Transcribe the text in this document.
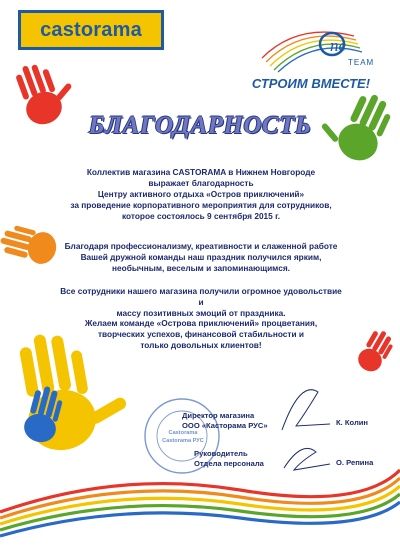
castorama
ne
TEAM
СТРОИМ ВМЕСТЕ!
Castorama
Castorama РУС
БЛАГОДАРНОСТЬ
Коллектив магазина CASTORAMA в Нижнем Новгороде
выражает благодарность
Центру активного отдыха «Остров приключений»
за проведение корпоративного мероприятия для сотрудников,
которое состоялось 9 сентября 2015 г.
Благодаря профессионализму, креативности и слаженной работе
Вашей дружной команды наш праздник получился ярким,
необычным, веселым и запоминающимся.
Все сотрудники нашего магазина получили огромное удовольствие и
массу позитивных эмоций от праздника.
Желаем команде «Острова приключений» процветания,
творческих успехов, финансовой стабильности и
только довольных клиентов!
Директор магазина
ООО «Касторама РУС»	К. Колин
Руководитель
Отдела персонала	О. Репина
